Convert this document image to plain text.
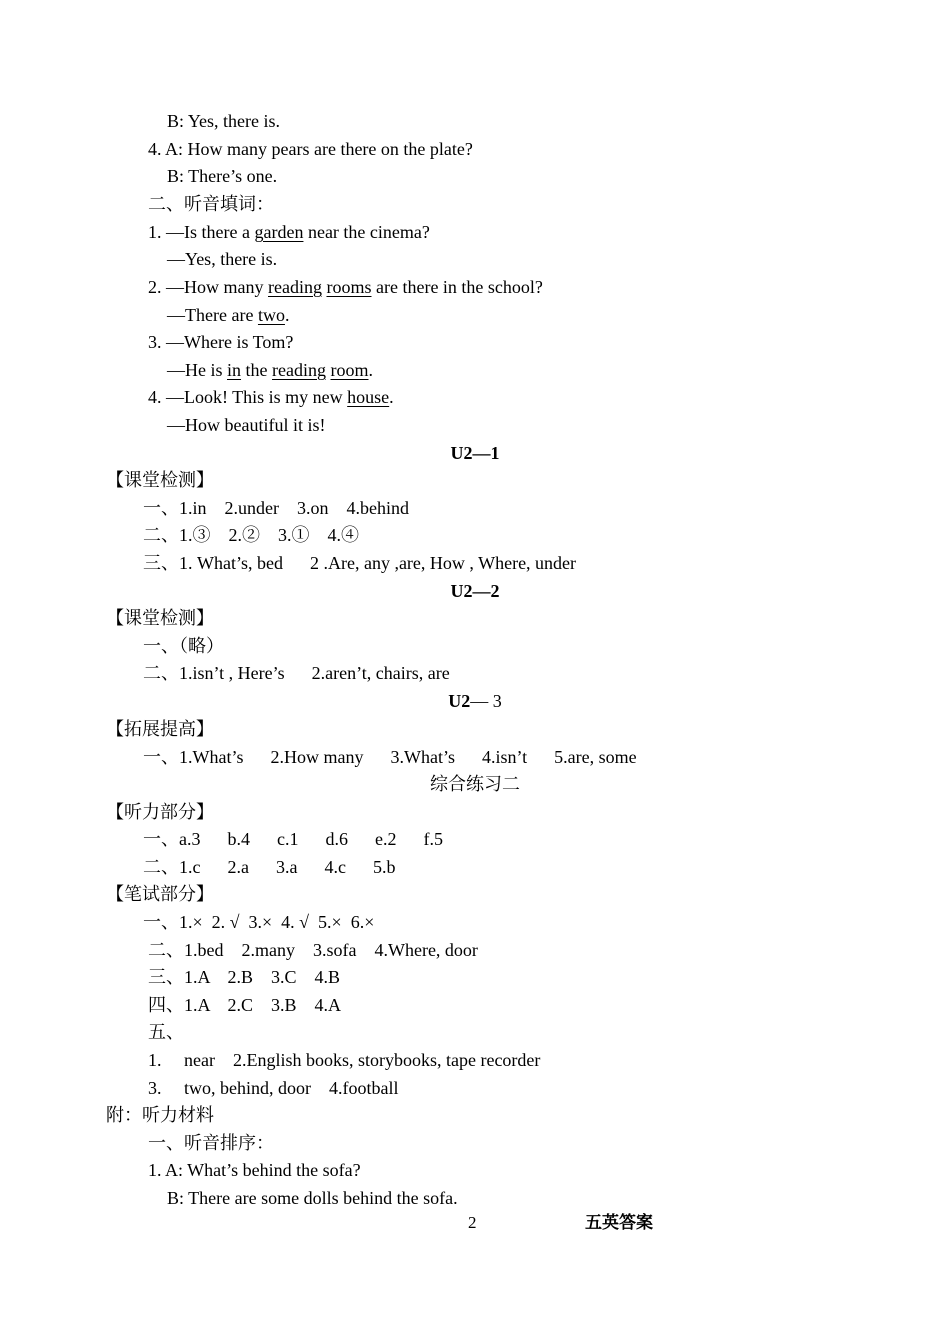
B: Yes, there is.
4. A: How many pears are there on the plate?
B: There’s one.
二、听音填词：
1. —Is there a garden near the cinema?
—Yes, there is.
2. —How many reading rooms are there in the school?
—There are two.
3. —Where is Tom?
—He is in the reading room.
4. —Look! This is my new house.
—How beautiful it is!
U2—1
【课堂检测】
一、1.in    2.under    3.on    4.behind
二、1.③    2.②    3.①    4.④
三、1. What’s, bed      2 .Are, any ,are, How , Where, under
U2—2
【课堂检测】
一、（略）
二、1.isn’t , Here’s      2.aren’t, chairs, are
U2— 3
【拓展提高】
一、1.What’s      2.How many      3.What’s      4.isn’t      5.are, some
综合练习二
【听力部分】
一、a.3      b.4      c.1      d.6      e.2      f.5
二、1.c      2.a      3.a      4.c      5.b
【笔试部分】
一、1.×  2. √  3.×  4. √  5.×  6.×
二、1.bed    2.many    3.sofa    4.Where, door
三、1.A    2.B    3.C    4.B
四、1.A    2.C    3.B    4.A
五、
1.     near    2.English books, storybooks, tape recorder
3.     two, behind, door    4.football
附：听力材料
一、听音排序：
1. A: What’s behind the sofa?
B: There are some dolls behind the sofa.
2	五英答案
